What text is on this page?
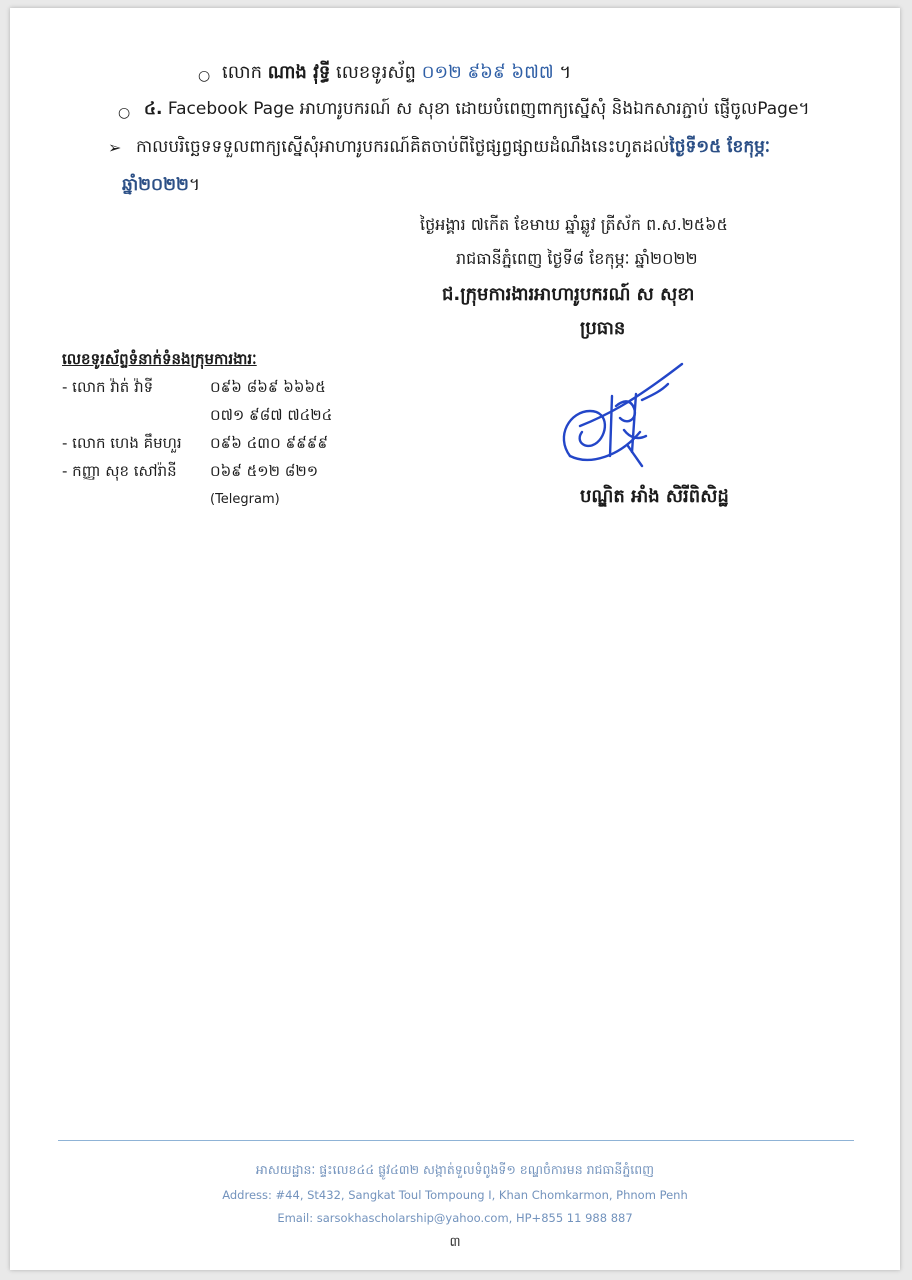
○ លោក ណាង វុទ្ធី លេខទូរស័ព្ទ ០១២ ៩៦៩ ៦៧៧ ។
○ ៤. Facebook Page អាហារូបករណ៍ ស សុខា ដោយបំពេញពាក្យស្នើសុំ និងឯកសារភ្ជាប់ ផ្ញើចូលPage។
➢ កាលបរិច្ឆេទទទួលពាក្យស្នើសុំអាហារូបករណ៍គិតចាប់ពីថ្ងៃផ្សព្វផ្សាយដំណឹងនេះហូតដល់ថ្ងៃទី១៥ ខែកុម្ភៈ
ឆ្នាំ២០២២។
ថ្ងៃអង្គារ ៧កើត ខែមាឃ ឆ្នាំឆ្លូវ ត្រីស័ក ព.ស.២៥៦៥
រាជធានីភ្នំពេញ ថ្ងៃទី៨ ខែកុម្ភៈ ឆ្នាំ២០២២
ជ.ក្រុមការងារអាហារូបករណ៍ ស សុខា
ប្រធាន
លេខទូរស័ព្ទទំនាក់ទំនងក្រុមការងារៈ
- លោក វ៉ាត់ វ៉ាទី	០៩៦ ៨៦៩ ៦៦៦៥
០៧១ ៩៨៧ ៧៤២៤
- លោក ហេង គឹមហួរ ០៩៦ ៤៣០ ៩៩៩៩
- កញ្ញា សុខ សៅរ៉ានី ០៦៩ ៥១២ ៨២១
(Telegram)	បណ្ឌិត អាំង សិរីពិសិដ្ឋ
អាសយដ្ឋានៈ ផ្ទះលេខ៤៤ ផ្លូវ៤៣២ សង្កាត់ទួលទំពូងទី១ ខណ្ឌចំការមន រាជធានីភ្នំពេញ
Address: #44, St432, Sangkat Toul Tompoung I, Khan Chomkarmon, Phnom Penh
Email: sarsokhascholarship@yahoo.com, HP+855 11 988 887
៣
